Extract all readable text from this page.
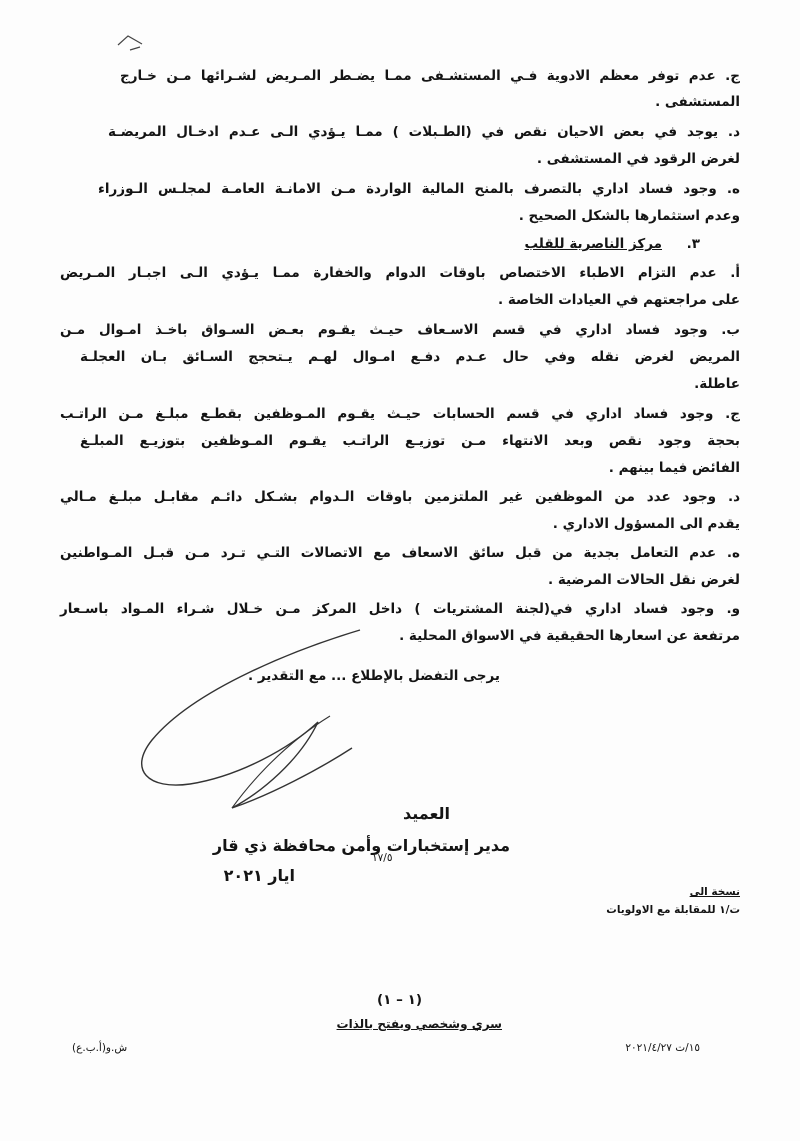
ج. عدم توفر معظم الادوية فـي المستشـفى ممـا يضـطر المـريض لشـرائها مـن خـارج
المستشفى .
د. يوجد في بعض الاحيان نقص في (الطـبلات ) ممـا يـؤدي الـى عـدم ادخـال المريضـة
لغرض الرقود في المستشفى .
ه. وجود فساد اداري بالتصرف بالمنح المالية الواردة مـن الامانـة العامـة لمجلـس الـوزراء
وعدم استثمارها بالشكل الصحيح .
٣.
مركز الناصرية للقلب
أ. عدم التزام الاطباء الاختصاص باوقات الدوام والخفارة ممـا يـؤدي الـى اجبـار المـريض
على مراجعتهم في العيادات الخاصة .
ب. وجود فساد اداري في قسم الاسـعاف حيـث يقـوم بعـض السـواق باخـذ امـوال مـن
المريض لغرض نقله وفي حال عـدم دفـع امـوال لهـم يـتحجج السـائق بـان العجلـة
عاطلة.
ج. وجود فساد اداري في قسم الحسابات حيـث يقـوم المـوظفين بقطـع مبلـغ مـن الراتـب
بحجة وجود نقص وبعد الانتهاء مـن توزيـع الراتـب يقـوم المـوظفين بتوزيـع المبلـغ
الفائض فيما بينهم .
د. وجود عدد من الموظفين غير الملتزمين باوقات الـدوام بشـكل دائـم مقابـل مبلـغ مـالي
يقدم الى المسؤول الاداري .
ه. عدم التعامل بجدية من قبل سائق الاسعاف مع الاتصالات التـي تـرد مـن قبـل المـواطنين
لغرض نقل الحالات المرضية .
و. وجود فساد اداري في(لجنة المشتريات ) داخل المركز مـن خـلال شـراء المـواد باسـعار
مرتفعة عن اسعارها الحقيقية في الاسواق المحلية .
يرجى التفضل بالإطلاع ... مع التقدير .
العميد
مدير إستخبارات وأمن محافظة ذي قار
ايار ٢٠٢١
١٧/٥
نسخة الى
ت/١ للمقابلة مع الاولويات
(١ – ١)
سري وشخصي ويفتح بالذات
١٥/ت ٢٠٢١/٤/٢٧
ش.و(أ.ب.ع)
